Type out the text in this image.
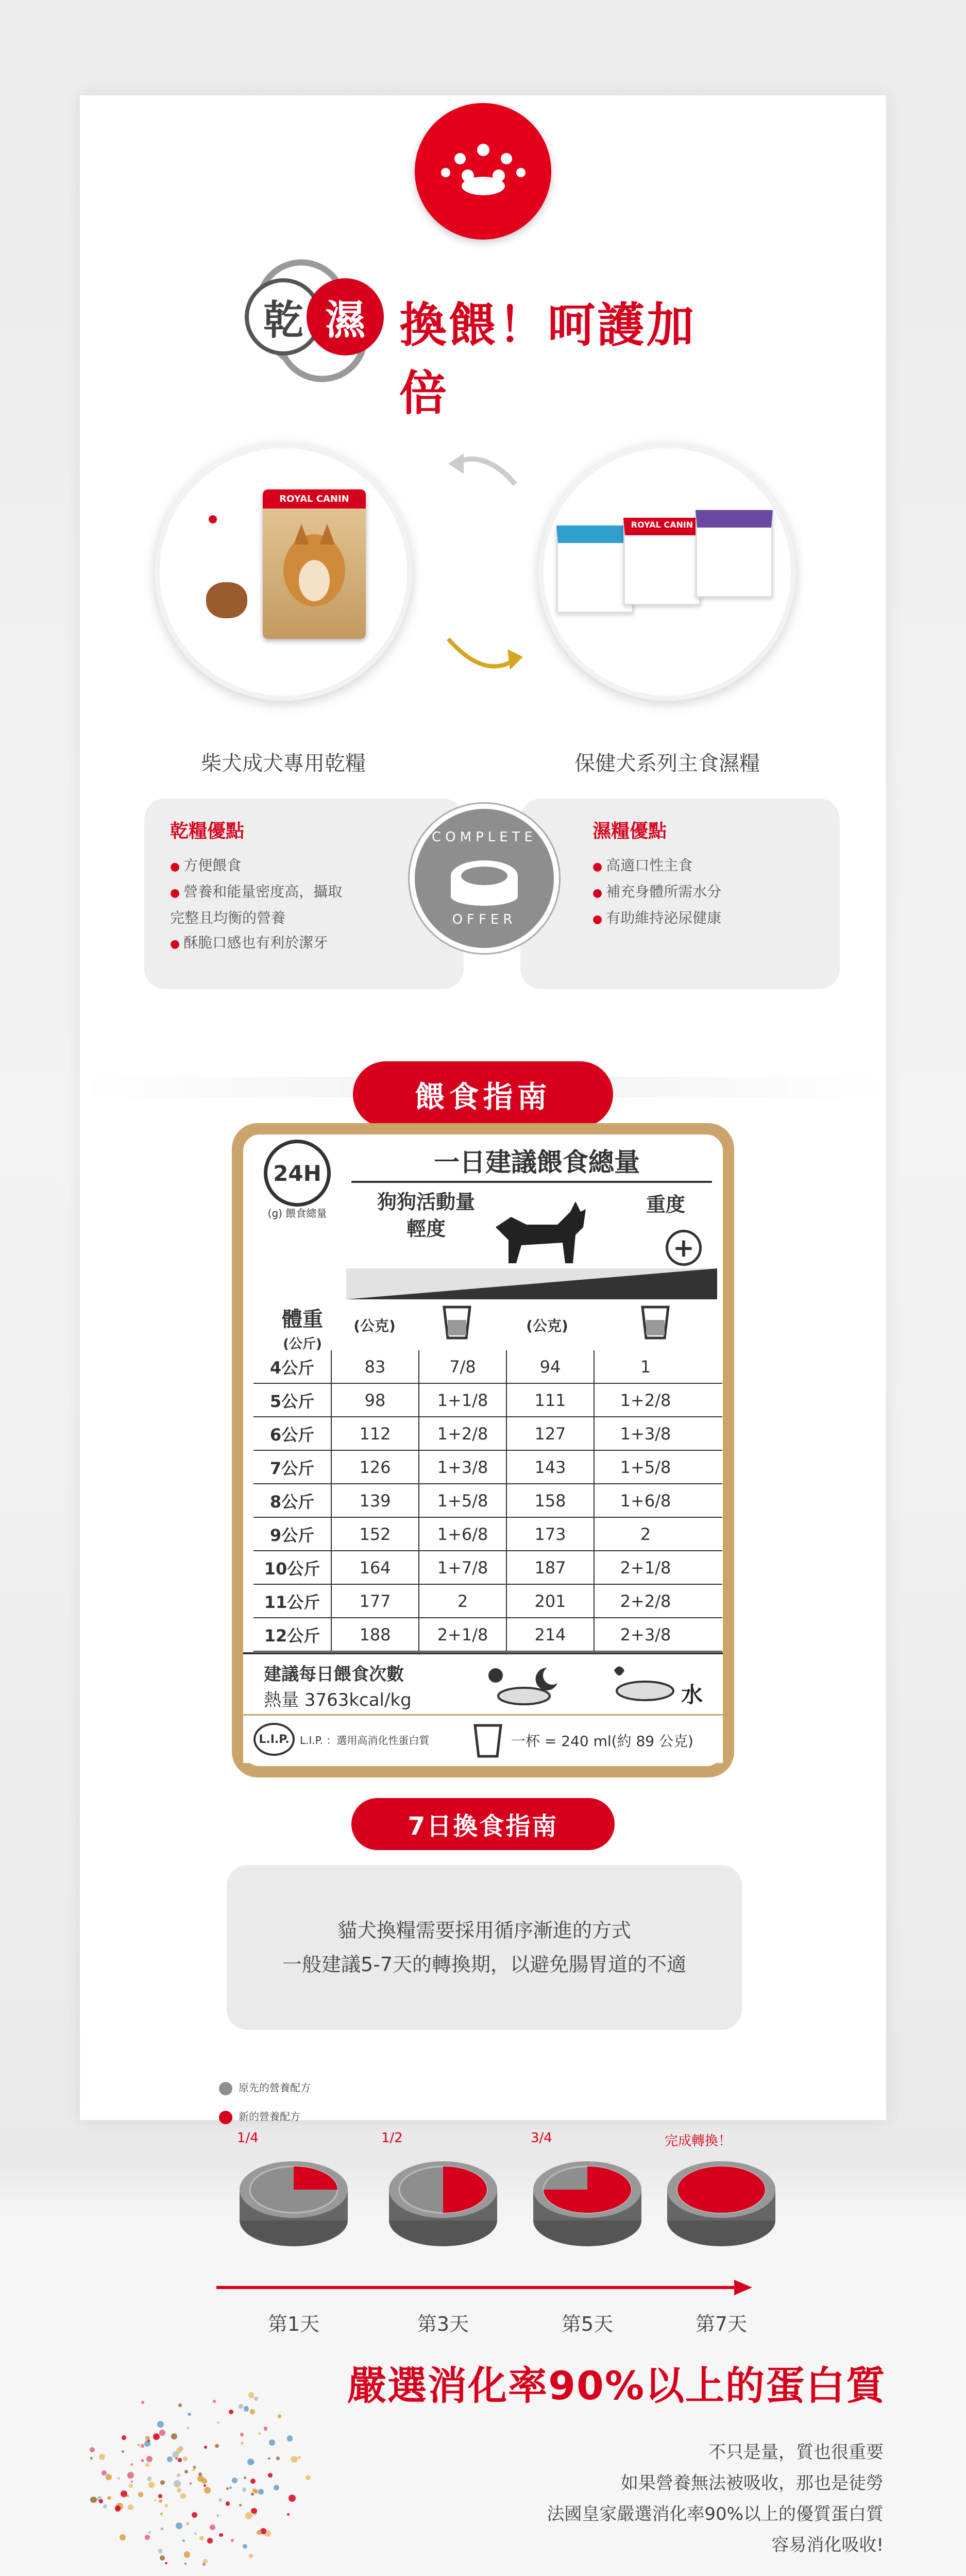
乾 濕 換餵！呵護加倍
ROYAL CANIN
ROYAL CANIN
柴犬成犬專用乾糧	保健犬系列主食濕糧
乾糧優點
● 方便餵食
● 營養和能量密度高，攝取完整且均衡的營養
● 酥脆口感也有利於潔牙
濕糧優點
● 高適口性主食
● 補充身體所需水分
● 有助維持泌尿健康
COMPLETE
OFFER
餵食指南
24H
(g) 餵食總量
一日建議餵食總量
狗狗活動量
輕度
重度
+
體重
(公斤)
(公克)	(公克)
4公斤	83	7/8	94	1
5公斤	98	1+1/8	111	1+2/8
6公斤	112	1+2/8	127	1+3/8
7公斤	126	1+3/8	143	1+5/8
8公斤	139	1+5/8	158	1+6/8
9公斤	152	1+6/8	173	2
10公斤	164	1+7/8	187	2+1/8
11公斤	177	2	201	2+2/8
12公斤	188	2+1/8	214	2+3/8
建議每日餵食次數
熱量 3763kcal/kg	水
L.I.P.	L.I.P. ：選用高消化性蛋白質	一杯 = 240 ml(約 89 公克)
7日換食指南
貓犬換糧需要採用循序漸進的方式
一般建議5-7天的轉換期，以避免腸胃道的不適
原先的營養配方
新的營養配方
1/4	1/2	3/4	完成轉換！
第1天	第3天	第5天	第7天
嚴選消化率90%以上的蛋白質
不只是量，質也很重要
如果營養無法被吸收，那也是徒勞
法國皇家嚴選消化率90%以上的優質蛋白質
容易消化吸收!
